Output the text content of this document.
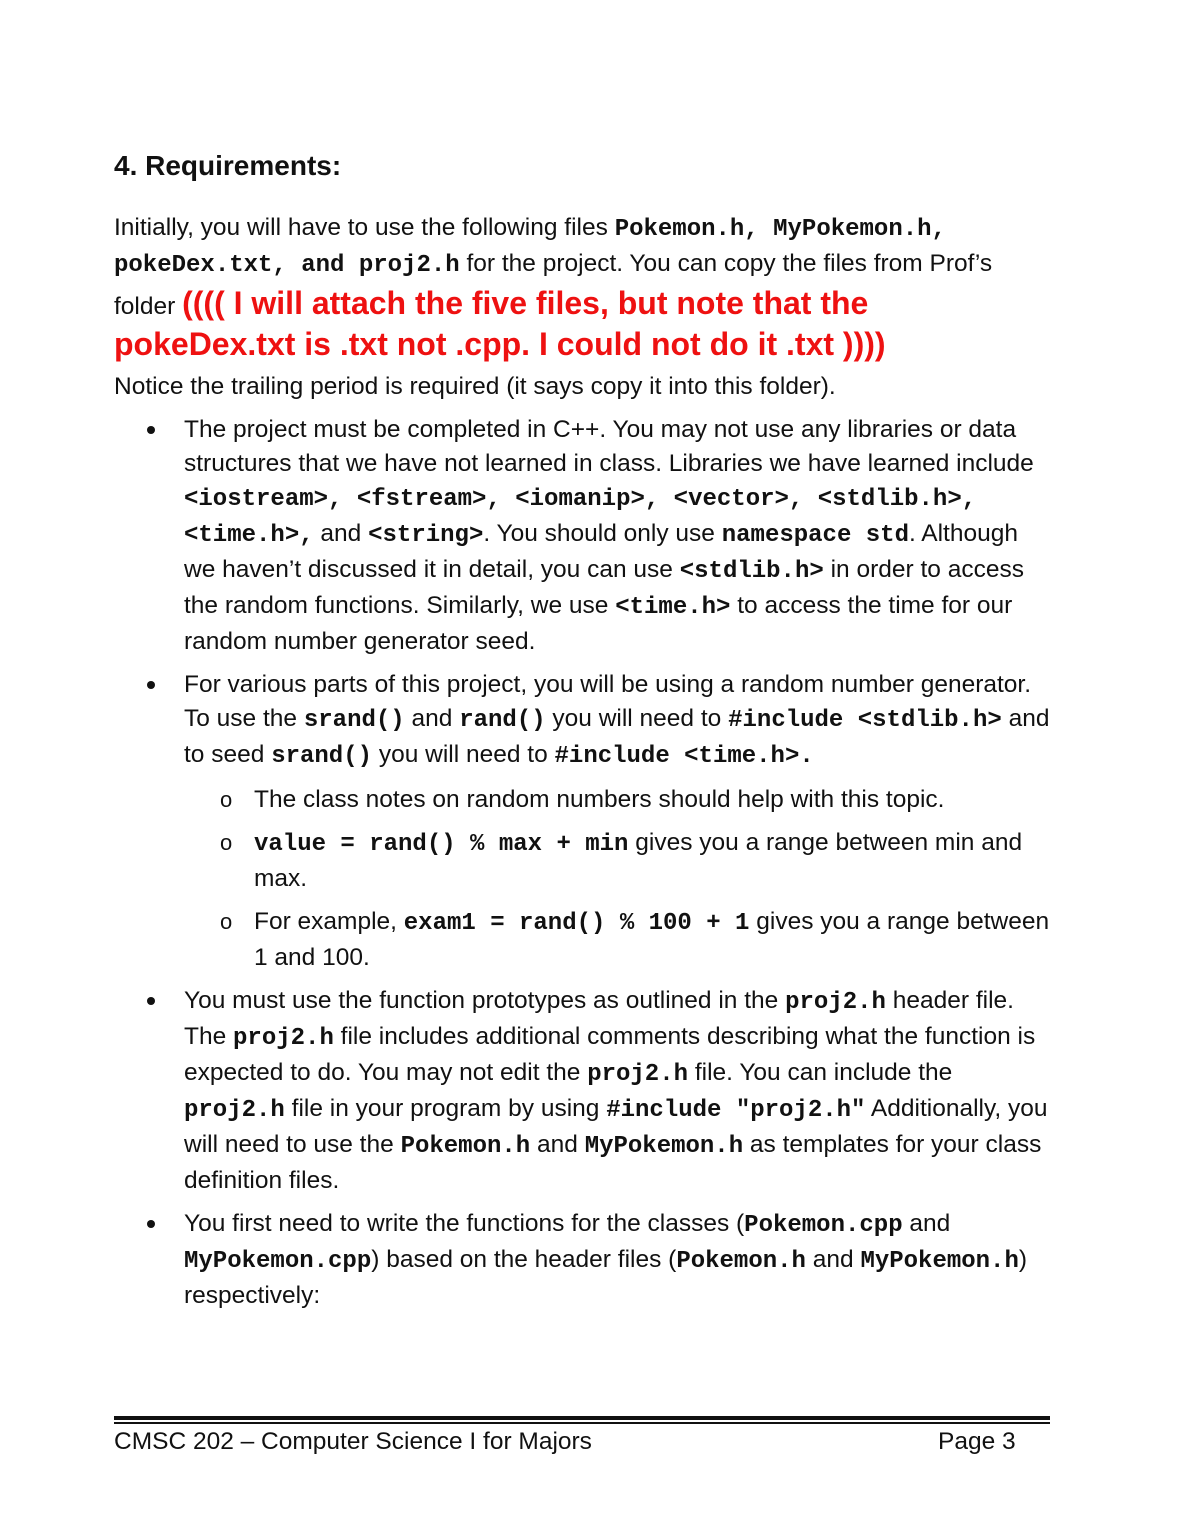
4. Requirements:

Initially, you will have to use the following files Pokemon.h, MyPokemon.h, pokeDex.txt, and proj2.h for the project. You can copy the files from Prof’s folder (((( I will attach the five files, but note that the pokeDex.txt is .txt not .cpp. I could not do it .txt ))))

Notice the trailing period is required (it says copy it into this folder).

The project must be completed in C++. You may not use any libraries or data structures that we have not learned in class. Libraries we have learned include <iostream>, <fstream>, <iomanip>, <vector>, <stdlib.h>, <time.h>, and <string>. You should only use namespace std. Although we haven’t discussed it in detail, you can use <stdlib.h> in order to access the random functions. Similarly, we use <time.h> to access the time for our random number generator seed.

For various parts of this project, you will be using a random number generator. To use the srand() and rand() you will need to #include <stdlib.h> and to seed srand() you will need to #include <time.h>.

o The class notes on random numbers should help with this topic.

o value = rand() % max + min gives you a range between min and max.

o For example, exam1 = rand() % 100 + 1 gives you a range between 1 and 100.

You must use the function prototypes as outlined in the proj2.h header file. The proj2.h file includes additional comments describing what the function is expected to do. You may not edit the proj2.h file. You can include the proj2.h file in your program by using #include "proj2.h" Additionally, you will need to use the Pokemon.h and MyPokemon.h as templates for your class definition files.

You first need to write the functions for the classes (Pokemon.cpp and MyPokemon.cpp) based on the header files (Pokemon.h and MyPokemon.h) respectively:

CMSC 202 – Computer Science I for Majors	Page 3
